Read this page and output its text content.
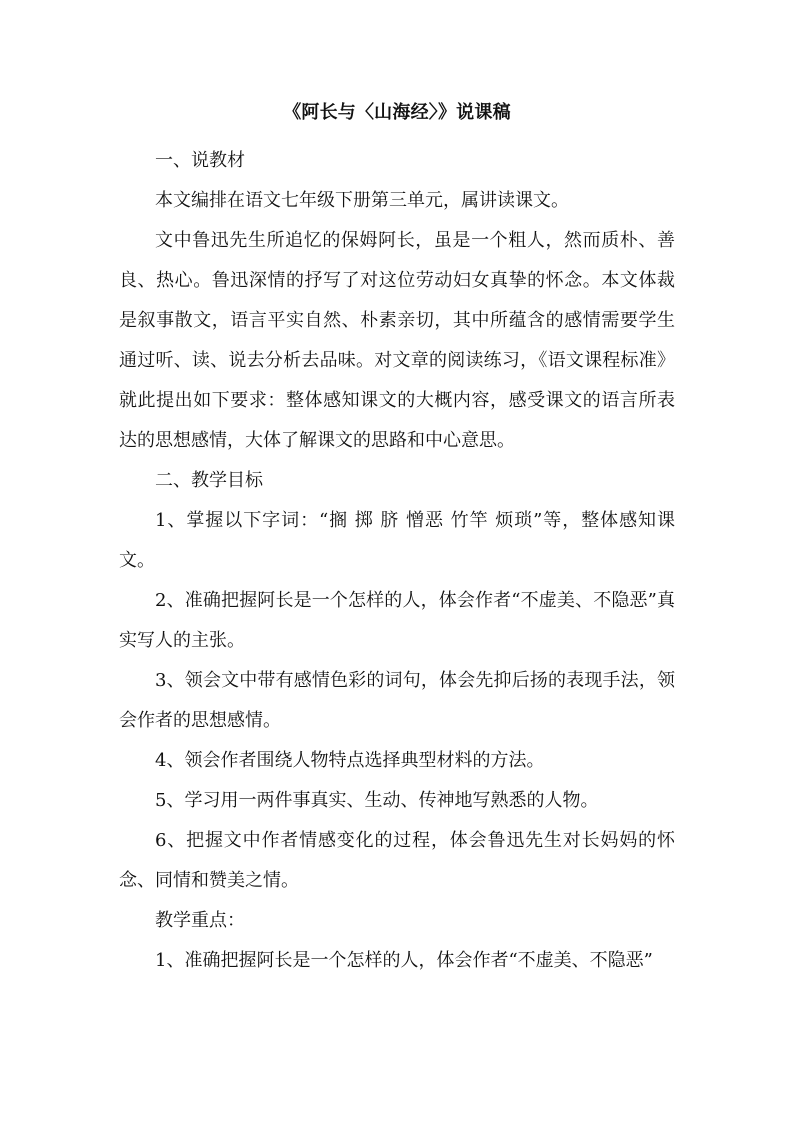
《阿长与〈山海经〉》说课稿

一、说教材

本文编排在语文七年级下册第三单元，属讲读课文。

文中鲁迅先生所追忆的保姆阿长，虽是一个粗人，然而质朴、善良、热心。鲁迅深情的抒写了对这位劳动妇女真挚的怀念。本文体裁是叙事散文，语言平实自然、朴素亲切，其中所蕴含的感情需要学生通过听、读、说去分析去品味。对文章的阅读练习，《语文课程标准》就此提出如下要求：整体感知课文的大概内容，感受课文的语言所表达的思想感情，大体了解课文的思路和中心意思。

二、教学目标

1、掌握以下字词：“搁 掷 脐 憎恶 竹竿 烦琐”等，整体感知课文。

2、准确把握阿长是一个怎样的人，体会作者“不虚美、不隐恶”真实写人的主张。

3、领会文中带有感情色彩的词句，体会先抑后扬的表现手法，领会作者的思想感情。

4、领会作者围绕人物特点选择典型材料的方法。

5、学习用一两件事真实、生动、传神地写熟悉的人物。

6、把握文中作者情感变化的过程，体会鲁迅先生对长妈妈的怀念、同情和赞美之情。

教学重点：

1、准确把握阿长是一个怎样的人，体会作者“不虚美、不隐恶”
